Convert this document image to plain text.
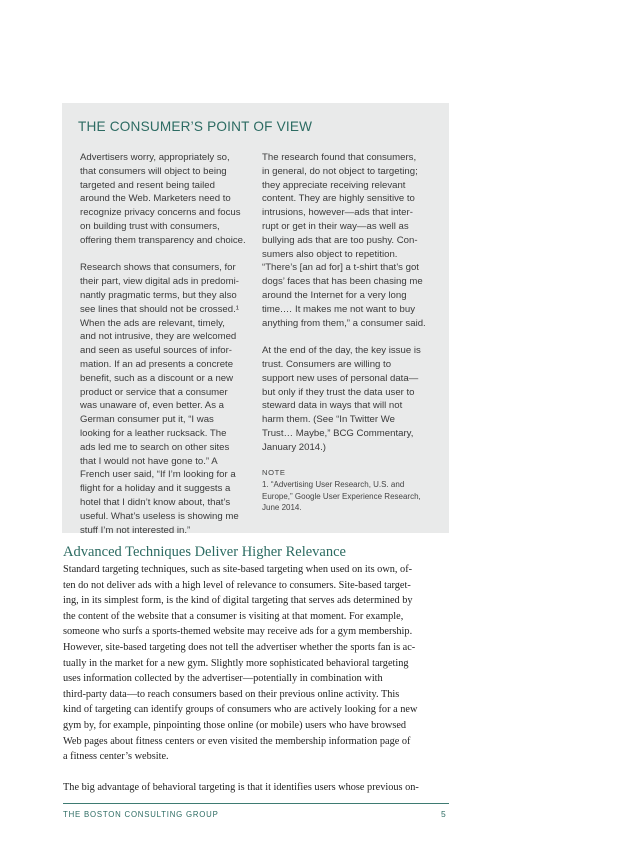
THE CONSUMER’S POINT OF VIEW

Advertisers worry, appropriately so,
that consumers will object to being
targeted and resent being tailed
around the Web. Marketers need to
recognize privacy concerns and focus
on building trust with consumers,
offering them transparency and choice.

Research shows that consumers, for
their part, view digital ads in predomi-
nantly pragmatic terms, but they also
see lines that should not be crossed.¹
When the ads are relevant, timely,
and not intrusive, they are welcomed
and seen as useful sources of infor-
mation. If an ad presents a concrete
benefit, such as a discount or a new
product or service that a consumer
was unaware of, even better. As a
German consumer put it, “I was
looking for a leather rucksack. The
ads led me to search on other sites
that I would not have gone to.” A
French user said, “If I’m looking for a
flight for a holiday and it suggests a
hotel that I didn’t know about, that’s
useful. What’s useless is showing me
stuff I’m not interested in.”

The research found that consumers,
in general, do not object to targeting;
they appreciate receiving relevant
content. They are highly sensitive to
intrusions, however—ads that inter-
rupt or get in their way—as well as
bullying ads that are too pushy. Con-
sumers also object to repetition.
“There’s [an ad for] a t-shirt that’s got
dogs’ faces that has been chasing me
around the Internet for a very long
time.… It makes me not want to buy
anything from them,” a consumer said.

At the end of the day, the key issue is
trust. Consumers are willing to
support new uses of personal data—
but only if they trust the data user to
steward data in ways that will not
harm them. (See “In Twitter We
Trust… Maybe,” BCG Commentary,
January 2014.)

NOTE

1. “Advertising User Research, U.S. and
Europe,” Google User Experience Research,
June 2014.

Advanced Techniques Deliver Higher Relevance

Standard targeting techniques, such as site-based targeting when used on its own, of-
ten do not deliver ads with a high level of relevance to consumers. Site-based target-
ing, in its simplest form, is the kind of digital targeting that serves ads determined by
the content of the website that a consumer is visiting at that moment. For example,
someone who surfs a sports-themed website may receive ads for a gym membership.
However, site-based targeting does not tell the advertiser whether the sports fan is ac-
tually in the market for a new gym. Slightly more sophisticated behavioral targeting
uses information collected by the advertiser—potentially in combination with
third-party data—to reach consumers based on their previous online activity. This
kind of targeting can identify groups of consumers who are actively looking for a new
gym by, for example, pinpointing those online (or mobile) users who have browsed
Web pages about fitness centers or even visited the membership information page of
a fitness center’s website.

The big advantage of behavioral targeting is that it identifies users whose previous on-

THE BOSTON CONSULTING GROUP	5
